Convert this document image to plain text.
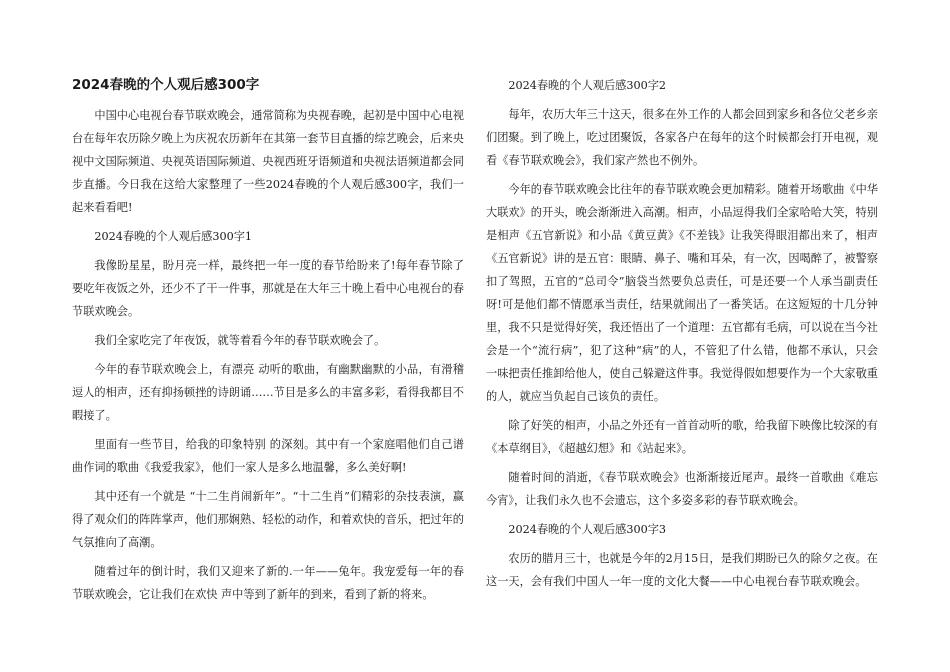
2024春晚的个人观后感300字

中国中心电视台春节联欢晚会，通常简称为央视春晚，起初是中国中心电视台在每年农历除夕晚上为庆祝农历新年在其第一套节目直播的综艺晚会，后来央视中文国际频道、央视英语国际频道、央视西班牙语频道和央视法语频道都会同步直播。今日我在这给大家整理了一些2024春晚的个人观后感300字，我们一起来看看吧!

2024春晚的个人观后感300字1

我像盼星星，盼月亮一样，最终把一年一度的春节给盼来了!每年春节除了要吃年夜饭之外，还少不了干一件事，那就是在大年三十晚上看中心电视台的春节联欢晚会。

我们全家吃完了年夜饭，就等着看今年的春节联欢晚会了。

今年的春节联欢晚会上，有漂亮 动听的歌曲，有幽默幽默的小品，有滑稽逗人的相声，还有抑扬顿挫的诗朗诵……节目是多么的丰富多彩，看得我都目不暇接了。

里面有一些节目，给我的印象特别 的深刻。其中有一个家庭唱他们自己谱曲作词的歌曲《我爱我家》，他们一家人是多么地温馨，多么美好啊!

其中还有一个就是 “十二生肖闹新年”。“十二生肖”们精彩的杂技表演，赢得了观众们的阵阵掌声，他们那娴熟、轻松的动作，和着欢快的音乐，把过年的气氛推向了高潮。

随着过年的倒计时，我们又迎来了新的.一年——兔年。我宠爱每一年的春节联欢晚会，它让我们在欢快 声中等到了新年的到来，看到了新的将来。

2024春晚的个人观后感300字2

每年，农历大年三十这天，很多在外工作的人都会回到家乡和各位父老乡亲们团聚。到了晚上，吃过团聚饭，各家各户在每年的这个时候都会打开电视，观看《春节联欢晚会》，我们家产然也不例外。

今年的春节联欢晚会比往年的春节联欢晚会更加精彩。随着开场歌曲《中华大联欢》的开头，晚会渐渐进入高潮。相声，小品逗得我们全家哈哈大笑，特别是相声《五官新说》和小品《黄豆黄》《不差钱》让我笑得眼泪都出来了，相声《五官新说》讲的是五官：眼睛、鼻子、嘴和耳朵，有一次，因喝醉了，被警察扣了驾照，五官的“总司令”脑袋当然要负总责任，可是还要一个人承当副责任呀!可是他们都不情愿承当责任，结果就闹出了一番笑话。在这短短的十几分钟里，我不只是觉得好笑，我还悟出了一个道理：五官都有毛病，可以说在当今社会是一个“流行病”，犯了这种“病”的人，不管犯了什么错，他都不承认，只会一味把责任推卸给他人，使自己躲避这件事。我觉得假如想要作为一个大家敬重的人，就应当负起自己该负的责任。

除了好笑的相声，小品之外还有一首首动听的歌，给我留下映像比较深的有《本草纲目》，《超越幻想》和《站起来》。

随着时间的消逝，《春节联欢晚会》也渐渐接近尾声。最终一首歌曲《难忘今宵》，让我们永久也不会遗忘，这个多姿多彩的春节联欢晚会。

2024春晚的个人观后感300字3

农历的腊月三十，也就是今年的2月15日，是我们期盼已久的除夕之夜。在这一天，会有我们中国人一年一度的文化大餐——中心电视台春节联欢晚会。
